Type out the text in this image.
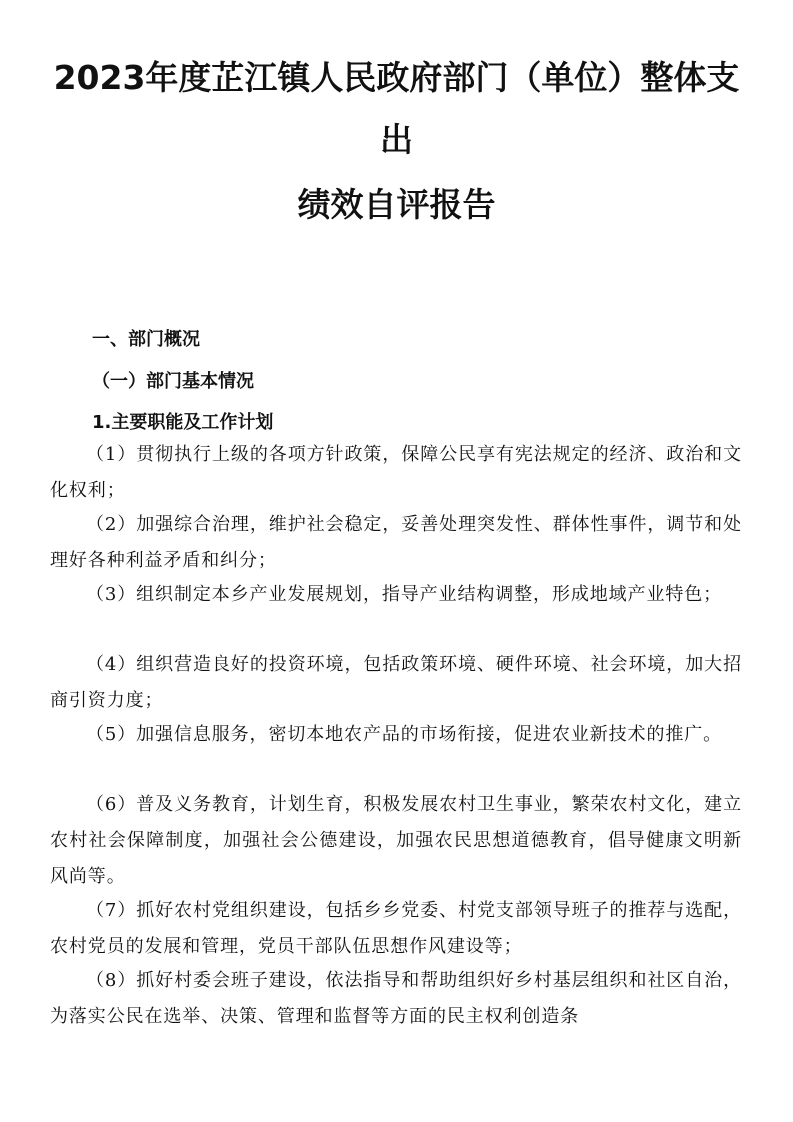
2023年度芷江镇人民政府部门（单位）整体支
出
绩效自评报告
一、部门概况
（一）部门基本情况
1.主要职能及工作计划
（1）贯彻执行上级的各项方针政策，保障公民享有宪法规定的经济、政治和文化权利；
（2）加强综合治理，维护社会稳定，妥善处理突发性、群体性事件，调节和处理好各种利益矛盾和纠分；
（3）组织制定本乡产业发展规划，指导产业结构调整，形成地域产业特色；
（4）组织营造良好的投资环境，包括政策环境、硬件环境、社会环境，加大招商引资力度；
（5）加强信息服务，密切本地农产品的市场衔接，促进农业新技术的推广。
（6）普及义务教育，计划生育，积极发展农村卫生事业，繁荣农村文化，建立农村社会保障制度，加强社会公德建设，加强农民思想道德教育，倡导健康文明新风尚等。
（7）抓好农村党组织建设，包括乡乡党委、村党支部领导班子的推荐与选配，农村党员的发展和管理，党员干部队伍思想作风建设等；
（8）抓好村委会班子建设，依法指导和帮助组织好乡村基层组织和社区自治，为落实公民在选举、决策、管理和监督等方面的民主权利创造条
